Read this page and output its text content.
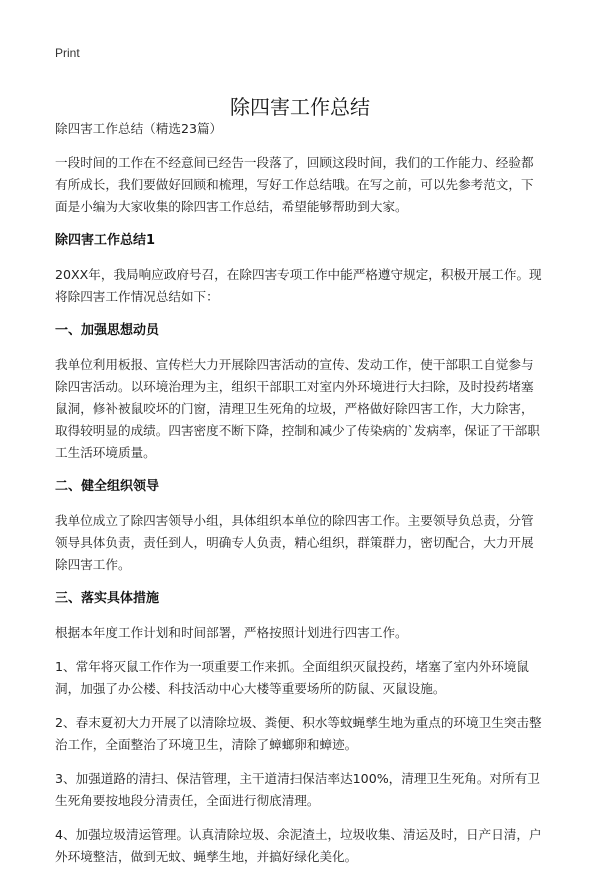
Print
除四害工作总结

除四害工作总结（精选23篇）

一段时间的工作在不经意间已经告一段落了，回顾这段时间，我们的工作能力、经验都有所成长，我们要做好回顾和梳理，写好工作总结哦。在写之前，可以先参考范文，下面是小编为大家收集的除四害工作总结，希望能够帮助到大家。

除四害工作总结1

20XX年，我局响应政府号召，在除四害专项工作中能严格遵守规定，积极开展工作。现将除四害工作情况总结如下：

一、加强思想动员

我单位利用板报、宣传栏大力开展除四害活动的宣传、发动工作，使干部职工自觉参与除四害活动。以环境治理为主，组织干部职工对室内外环境进行大扫除，及时投药堵塞鼠洞，修补被鼠咬坏的门窗，清理卫生死角的垃圾，严格做好除四害工作，大力除害，取得较明显的成绩。四害密度不断下降，控制和减少了传染病的`发病率，保证了干部职工生活环境质量。

二、健全组织领导

我单位成立了除四害领导小组，具体组织本单位的除四害工作。主要领导负总责，分管领导具体负责，责任到人，明确专人负责，精心组织，群策群力，密切配合，大力开展除四害工作。

三、落实具体措施

根据本年度工作计划和时间部署，严格按照计划进行四害工作。

1、常年将灭鼠工作作为一项重要工作来抓。全面组织灭鼠投药，堵塞了室内外环境鼠洞，加强了办公楼、科技活动中心大楼等重要场所的防鼠、灭鼠设施。

2、春末夏初大力开展了以清除垃圾、粪便、积水等蚊蝇孳生地为重点的环境卫生突击整治工作，全面整治了环境卫生，清除了蟑螂卵和蟑迹。

3、加强道路的清扫、保洁管理，主干道清扫保洁率达100%，清理卫生死角。对所有卫生死角要按地段分清责任，全面进行彻底清理。

4、加强垃圾清运管理。认真清除垃圾、余泥渣土，垃圾收集、清运及时，日产日清，户外环境整洁，做到无蚊、蝇孳生地，并搞好绿化美化。
